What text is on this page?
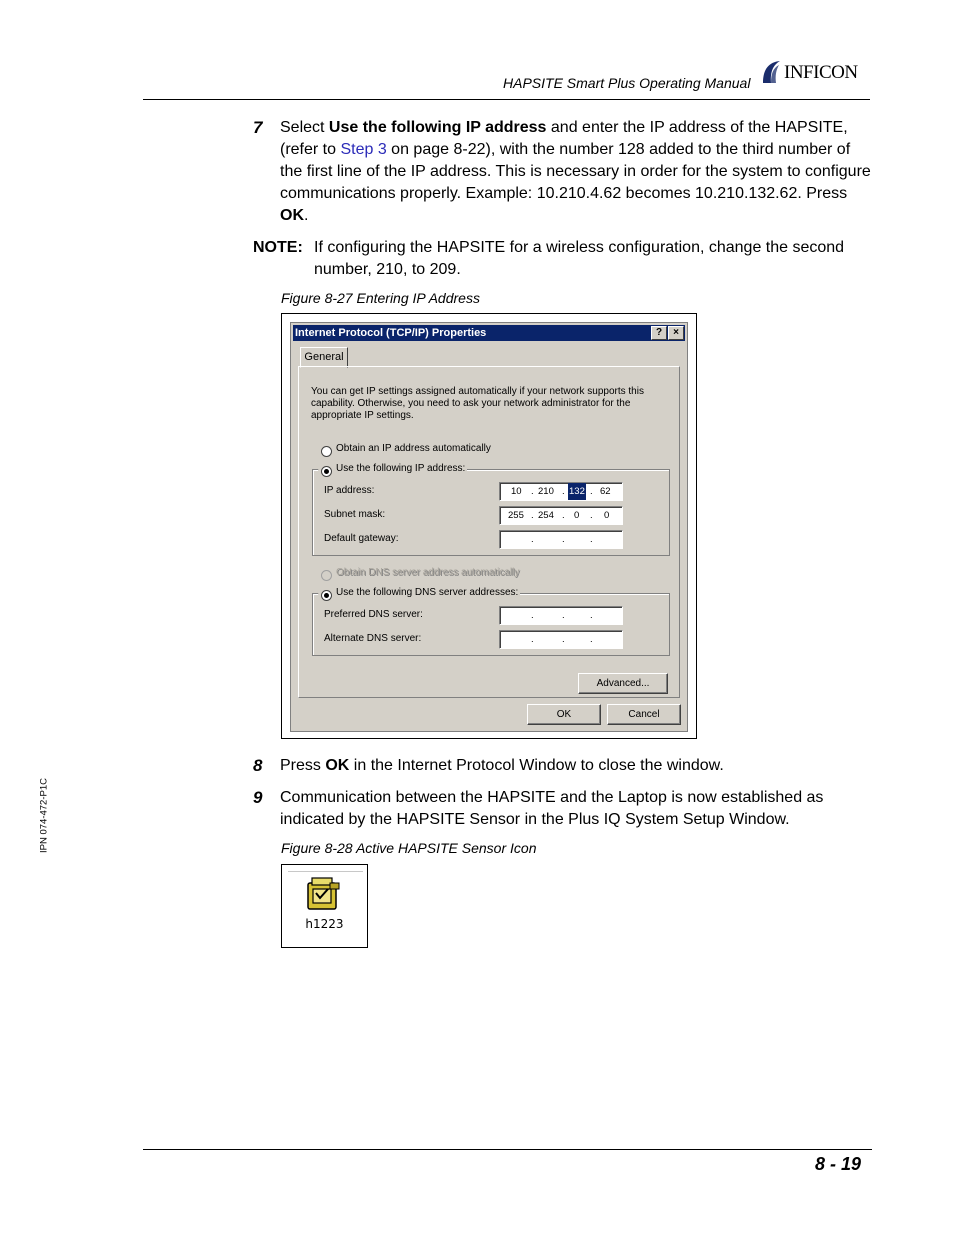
HAPSITE Smart Plus Operating Manual INFICON
IPN 074-472-P1C
7 Select Use the following IP address and enter the IP address of the HAPSITE, (refer to Step 3 on page 8-22), with the number 128 added to the third number of the first line of the IP address. This is necessary in order for the system to configure communications properly. Example: 10.210.4.62 becomes 10.210.132.62. Press OK.
NOTE: If configuring the HAPSITE for a wireless configuration, change the second number, 210, to 209.
Figure 8-27 Entering IP Address
Internet Protocol (TCP/IP) Properties	?	×
General
You can get IP settings assigned automatically if your network supports this capability. Otherwise, you need to ask your network administrator for the appropriate IP settings.
Obtain an IP address automatically
Use the following IP address:
IP address:	10 . 210 . 132 . 62
Subnet mask:	255 . 254 . 0 . 0
Default gateway:	.	.	.
Obtain DNS server address automatically
Use the following DNS server addresses:
Preferred DNS server:	.	.	.
Alternate DNS server:	.	.	.
Advanced...
OK	Cancel
8 Press OK in the Internet Protocol Window to close the window.
9 Communication between the HAPSITE and the Laptop is now established as indicated by the HAPSITE Sensor in the Plus IQ System Setup Window.
Figure 8-28 Active HAPSITE Sensor Icon
h1223
8 - 19
